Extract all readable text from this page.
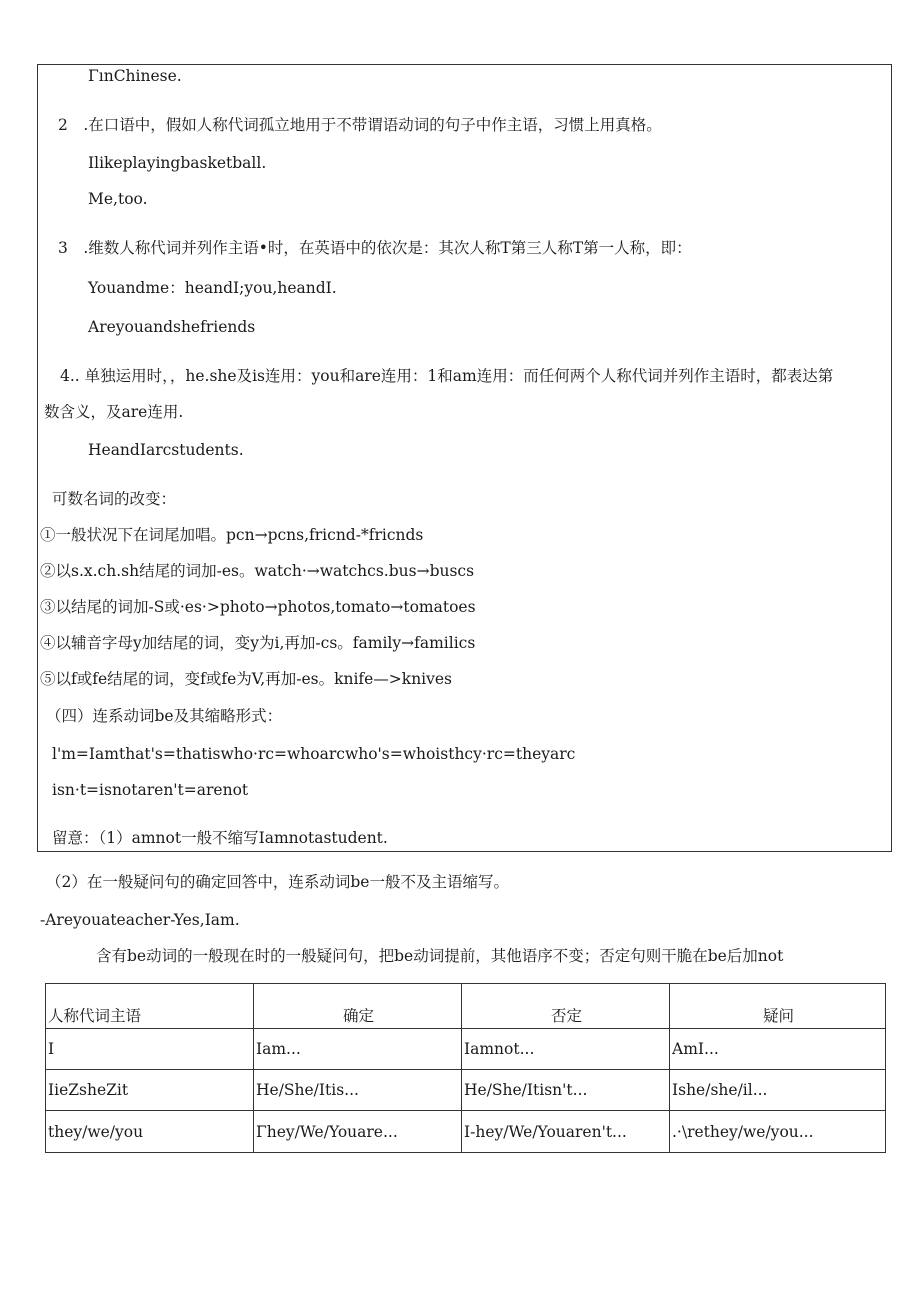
ΓınChinese.
2　.在口语中，假如人称代词孤立地用于不带谓语动词的句子中作主语，习惯上用真格。
Ilikeplayingbasketball.
Me,too.
3　.维数人称代词并列作主语•时，在英语中的依次是：其次人称T第三人称T第一人称，即：
Youandme：heandI;you,heandI.
Areyouandshefriends
4.. 单独运用时，，he.she及is连用：you和are连用：1和am连用：而任何两个人称代词并列作主语时，都表达第
数含义，及are连用.
HeandIarcstudents.
可数名词的改变：
①一般状况下在词尾加唱。pcn→pcns,fricnd-*fricnds
②以s.x.ch.sh结尾的词加-es。watch·→watchcs.bus→buscs
③以结尾的词加-S或·es·>photo→photos,tomato→tomatoes
④以辅音字母y加结尾的词，变y为i,再加-cs。family→familics
⑤以f或fe结尾的词，变f或fe为V,再加-es。knife—>knives
（四）连系动词be及其缩略形式：
l'm=Iamthat's=thatiswho·rc=whoarcwho's=whoisthcy·rc=theyarc
isn·t=isnotaren't=arenot
留意：（1）amnot一般不缩写Iamnotastudent.
（2）在一般疑问句的确定回答中，连系动词be一般不及主语缩写。
-Areyouateacher-Yes,Iam.
含有be动词的一般现在时的一般疑问句，把be动词提前，其他语序不变；否定句则干脆在be后加not
人称代词主语	确定	否定	疑问
I	Iam...	Iamnot...	AmI...
IieZsheZit	He/She/Itis...	He/She/Itisn't...	Ishe/she/il...
they/we/you	Γhey/We/Youare...	I-hey/We/Youaren't...	.·\rethey/we/you...
